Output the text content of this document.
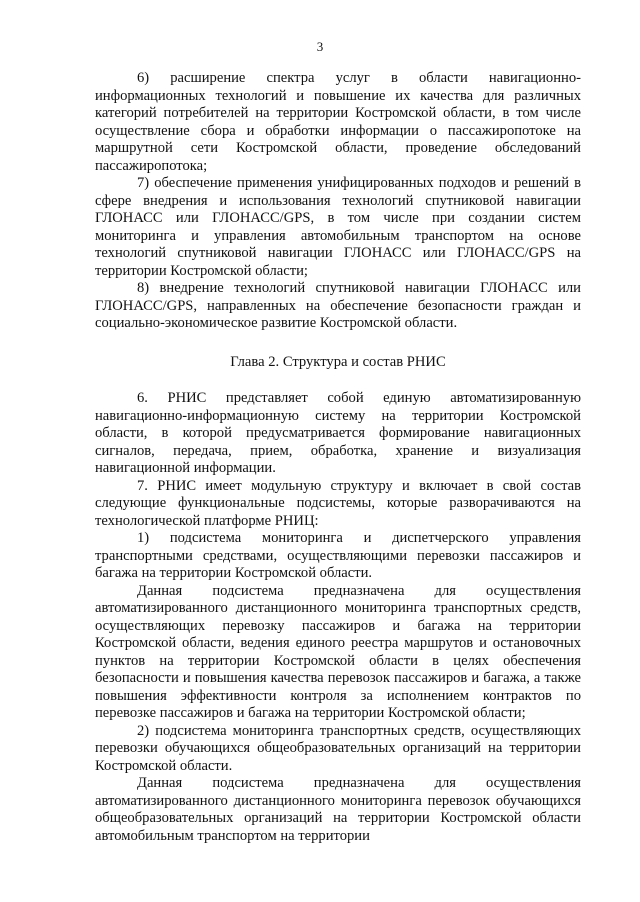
3

6) расширение спектра услуг в области навигационно-информационных технологий и повышение их качества для различных категорий потребителей на территории Костромской области, в том числе осуществление сбора и обработки информации о пассажиропотоке на маршрутной сети Костромской области, проведение обследований пассажиропотока;

7) обеспечение применения унифицированных подходов и решений в сфере внедрения и использования технологий спутниковой навигации ГЛОНАСС или ГЛОНАСС/GPS, в том числе при создании систем мониторинга и управления автомобильным транспортом на основе технологий спутниковой навигации ГЛОНАСС или ГЛОНАСС/GPS на территории Костромской области;

8) внедрение технологий спутниковой навигации ГЛОНАСС или ГЛОНАСС/GPS, направленных на обеспечение безопасности граждан и социально-экономическое развитие Костромской области.

Глава 2. Структура и состав РНИС

6. РНИС представляет собой единую автоматизированную навигационно-информационную систему на территории Костромской области, в которой предусматривается формирование навигационных сигналов, передача, прием, обработка, хранение и визуализация навигационной информации.

7. РНИС имеет модульную структуру и включает в свой состав следующие функциональные подсистемы, которые разворачиваются на технологической платформе РНИЦ:

1) подсистема мониторинга и диспетчерского управления транспортными средствами, осуществляющими перевозки пассажиров и багажа на территории Костромской области.

Данная подсистема предназначена для осуществления автоматизированного дистанционного мониторинга транспортных средств, осуществляющих перевозку пассажиров и багажа на территории Костромской области, ведения единого реестра маршрутов и остановочных пунктов на территории Костромской области в целях обеспечения безопасности и повышения качества перевозок пассажиров и багажа, а также повышения эффективности контроля за исполнением контрактов по перевозке пассажиров и багажа на территории Костромской области;

2) подсистема мониторинга транспортных средств, осуществляющих перевозки обучающихся общеобразовательных организаций на территории Костромской области.

Данная подсистема предназначена для осуществления автоматизированного дистанционного мониторинга перевозок обучающихся общеобразовательных организаций на территории Костромской области автомобильным транспортом на территории
